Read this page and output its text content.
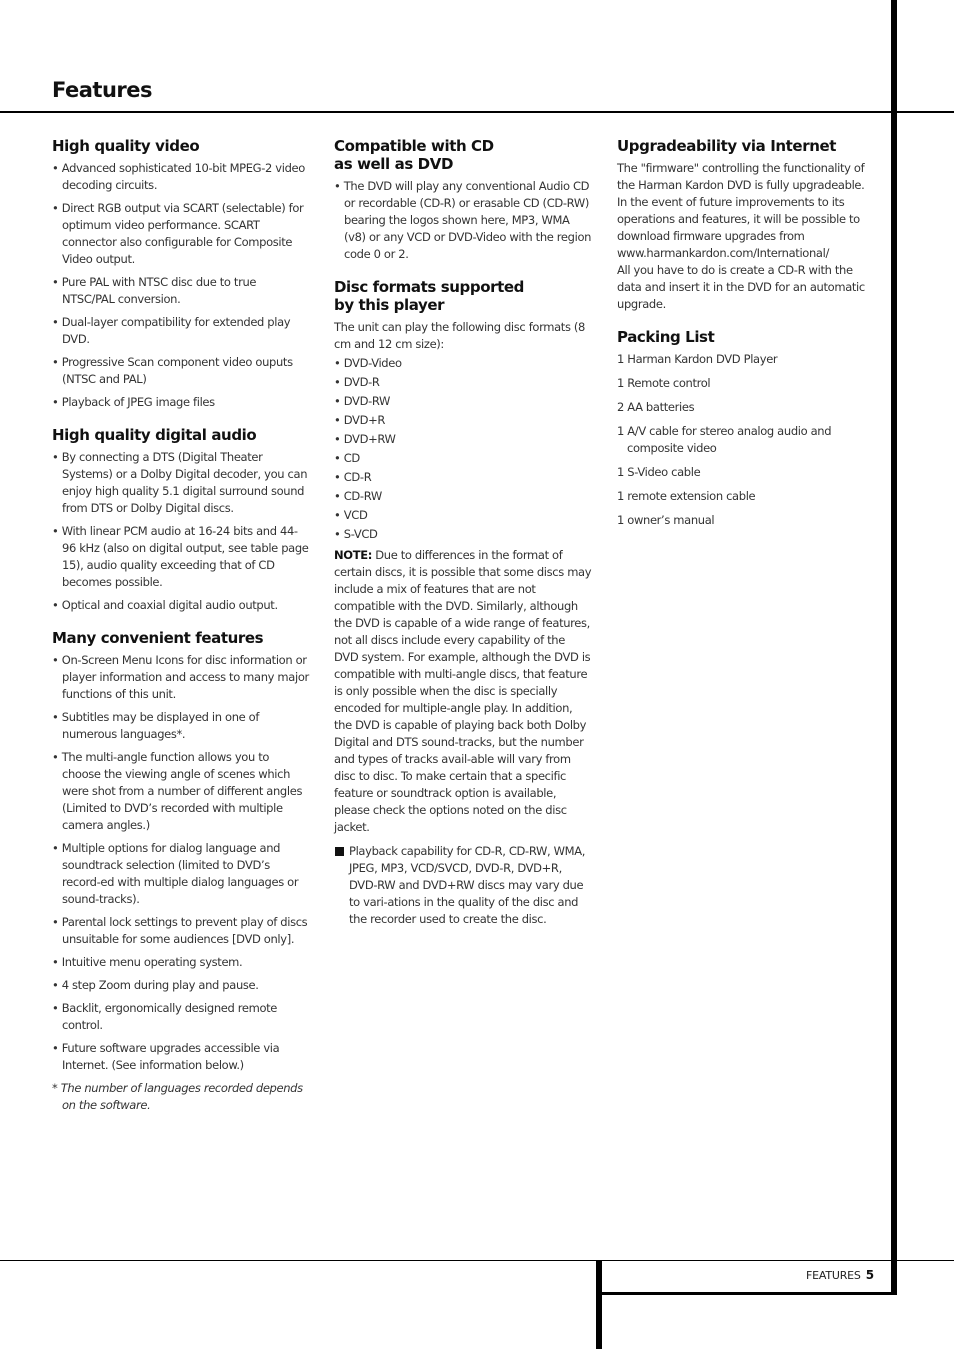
Features
High quality video
• Advanced sophisticated 10-bit MPEG-2 video decoding circuits.
• Direct RGB output via SCART (selectable) for optimum video performance. SCART connector also configurable for Composite Video output.
• Pure PAL with NTSC disc due to true NTSC/PAL conversion.
• Dual-layer compatibility for extended play DVD.
• Progressive Scan component video ouputs (NTSC and PAL)
• Playback of JPEG image files
High quality digital audio
• By connecting a DTS (Digital Theater Systems) or a Dolby Digital decoder, you can enjoy high quality 5.1 digital surround sound from DTS or Dolby Digital discs.
• With linear PCM audio at 16-24 bits and 44-96 kHz (also on digital output, see table page 15), audio quality exceeding that of CD becomes possible.
• Optical and coaxial digital audio output.
Many convenient features
• On-Screen Menu Icons for disc information or player information and access to many major functions of this unit.
• Subtitles may be displayed in one of numerous languages*.
• The multi-angle function allows you to choose the viewing angle of scenes which were shot from a number of different angles (Limited to DVD’s recorded with multiple camera angles.)
• Multiple options for dialog language and soundtrack selection (limited to DVD’s record-ed with multiple dialog languages or sound-tracks).
• Parental lock settings to prevent play of discs unsuitable for some audiences [DVD only].
• Intuitive menu operating system.
• 4 step Zoom during play and pause.
• Backlit, ergonomically designed remote control.
• Future software upgrades accessible via Internet. (See information below.)

* The number of languages recorded depends on the software.

Compatible with CD
as well as DVD
• The DVD will play any conventional Audio CD or recordable (CD-R) or erasable CD (CD-RW) bearing the logos shown here, MP3, WMA (v8) or any VCD or DVD-Video with the region code 0 or 2.
Disc formats supported
by this player

The unit can play the following disc formats (8 cm and 12 cm size):

• DVD-Video
• DVD-R
• DVD-RW
• DVD+R
• DVD+RW
• CD
• CD-R
• CD-RW
• VCD
• S-VCD

NOTE: Due to differences in the format of certain discs, it is possible that some discs may include a mix of features that are not compatible with the DVD. Similarly, although the DVD is capable of a wide range of features, not all discs include every capability of the DVD system. For example, although the DVD is compatible with multi-angle discs, that feature is only possible when the disc is specially encoded for multiple-angle play. In addition, the DVD is capable of playing back both Dolby Digital and DTS sound-tracks, but the number and types of tracks avail-able will vary from disc to disc. To make certain that a specific feature or soundtrack option is available, please check the options noted on the disc jacket.

Playback capability for CD-R, CD-RW, WMA, JPEG, MP3, VCD/SVCD, DVD-R, DVD+R, DVD-RW and DVD+RW discs may vary due to vari-ations in the quality of the disc and the recorder used to create the disc.

Upgradeability via Internet

The "firmware" controlling the functionality of the Harman Kardon DVD is fully upgradeable. In the event of future improvements to its operations and features, it will be possible to download firmware upgrades from www.harmankardon.com/International/

All you have to do is create a CD-R with the data and insert it in the DVD for an automatic upgrade.

Packing List
1 Harman Kardon DVD Player
1 Remote control
2 AA batteries
1 A/V cable for stereo analog audio and composite video
1 S-Video cable
1 remote extension cable
1 owner’s manual
FEATURES 5
